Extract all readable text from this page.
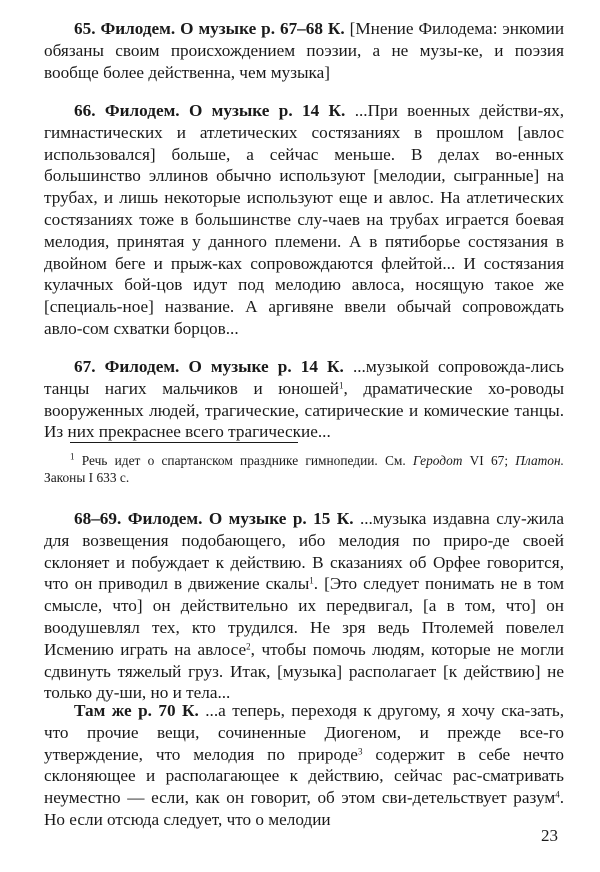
65. Филодем. О музыке р. 67–68 К. [Мнение Филодема: энкомии обязаны своим происхождением поэзии, а не музы-ке, и поэзия вообще более действенна, чем музыка]

66. Филодем. О музыке р. 14 К. ...При военных действи-ях, гимнастических и атлетических состязаниях в прошлом [авлос использовался] больше, а сейчас меньше. В делах во-енных большинство эллинов обычно используют [мелодии, сыгранные] на трубах, и лишь некоторые используют еще и авлос. На атлетических состязаниях тоже в большинстве слу-чаев на трубах играется боевая мелодия, принятая у данного племени. А в пятиборье состязания в двойном беге и прыж-ках сопровождаются флейтой... И состязания кулачных бой-цов идут под мелодию авлоса, носящую такое же [специаль-ное] название. А аргивяне ввели обычай сопровождать авло-сом схватки борцов...

67. Филодем. О музыке р. 14 К. ...музыкой сопровожда-лись танцы нагих мальчиков и юношей$^1$, драматические хо-роводы вооруженных людей, трагические, сатирические и комические танцы. Из них прекраснее всего трагические...

$^1$ Речь идет о спартанском празднике гимнопедии. См. Геродот VI 67; Платон. Законы I 633 с.

68–69. Филодем. О музыке р. 15 К. ...музыка издавна слу-жила для возвещения подобающего, ибо мелодия по приро-де своей склоняет и побуждает к действию. В сказаниях об Орфее говорится, что он приводил в движение скалы$^1$. [Это следует понимать не в том смысле, что] он действительно их передвигал, [а в том, что] он воодушевлял тех, кто трудился. Не зря ведь Птолемей повелел Исмению играть на авлосе$^2$, чтобы помочь людям, которые не могли сдвинуть тяжелый груз. Итак, [музыка] располагает [к действию] не только ду-ши, но и тела...

Там же р. 70 К. ...а теперь, переходя к другому, я хочу ска-зать, что прочие вещи, сочиненные Диогеном, и прежде все-го утверждение, что мелодия по природе$^3$ содержит в себе нечто склоняющее и располагающее к действию, сейчас рас-сматривать неуместно — если, как он говорит, об этом сви-детельствует разум$^4$. Но если отсюда следует, что о мелодии

23
